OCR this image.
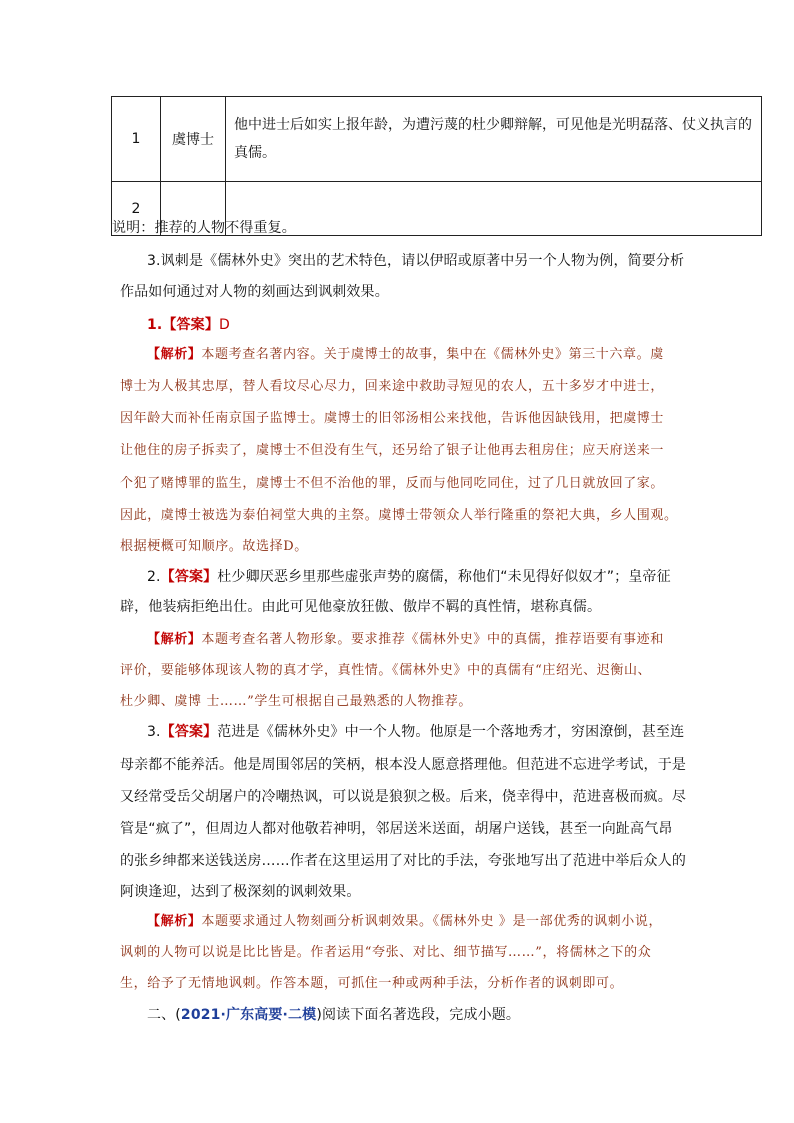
1	虞博士	他中进士后如实上报年龄，为遭污蔑的杜少卿辩解，可见他是光明磊落、仗义执言的真儒。
2		
说明：推荐的人物不得重复。
3.讽刺是《儒林外史》突出的艺术特色，请以伊昭或原著中另一个人物为例，简要分析
作品如何通过对人物的刻画达到讽刺效果。
1.【答案】D
【解析】本题考查名著内容。关于虞博士的故事，集中在《儒林外史》第三十六章。虞
博士为人极其忠厚，替人看坟尽心尽力，回来途中救助寻短见的农人，五十多岁才中进士，
因年龄大而补任南京国子监博士。虞博士的旧邻汤相公来找他，告诉他因缺钱用，把虞博士
让他住的房子拆卖了，虞博士不但没有生气，还另给了银子让他再去租房住；应天府送来一
个犯了赌博罪的监生，虞博士不但不治他的罪，反而与他同吃同住，过了几日就放回了家。
因此，虞博士被选为泰伯祠堂大典的主祭。虞博士带领众人举行隆重的祭祀大典，乡人围观。
根据梗概可知顺序。故选择D。
2.【答案】杜少卿厌恶乡里那些虚张声势的腐儒，称他们“未见得好似奴才”；皇帝征
辟，他装病拒绝出仕。由此可见他豪放狂傲、傲岸不羁的真性情，堪称真儒。
【解析】本题考查名著人物形象。要求推荐《儒林外史》中的真儒，推荐语要有事迹和
评价，要能够体现该人物的真才学，真性情。《儒林外史》中的真儒有“庄绍光、迟衡山、
杜少卿、虞博 士……”学生可根据自己最熟悉的人物推荐。
3.【答案】范进是《儒林外史》中一个人物。他原是一个落地秀才，穷困潦倒，甚至连
母亲都不能养活。他是周围邻居的笑柄，根本没人愿意搭理他。但范进不忘进学考试，于是
又经常受岳父胡屠户的冷嘲热讽，可以说是狼狈之极。后来，侥幸得中，范进喜极而疯。尽
管是“疯了”，但周边人都对他敬若神明，邻居送米送面，胡屠户送钱，甚至一向趾高气昂
的张乡绅都来送钱送房……作者在这里运用了对比的手法，夸张地写出了范进中举后众人的
阿谀逢迎，达到了极深刻的讽刺效果。
【解析】本题要求通过人物刻画分析讽刺效果。《儒林外史 》是一部优秀的讽刺小说，
讽刺的人物可以说是比比皆是。作者运用“夸张、对比、细节描写……”，将儒林之下的众
生，给予了无情地讽刺。作答本题，可抓住一种或两种手法，分析作者的讽刺即可。
二、(2021·广东高要·二模)阅读下面名著选段，完成小题。
